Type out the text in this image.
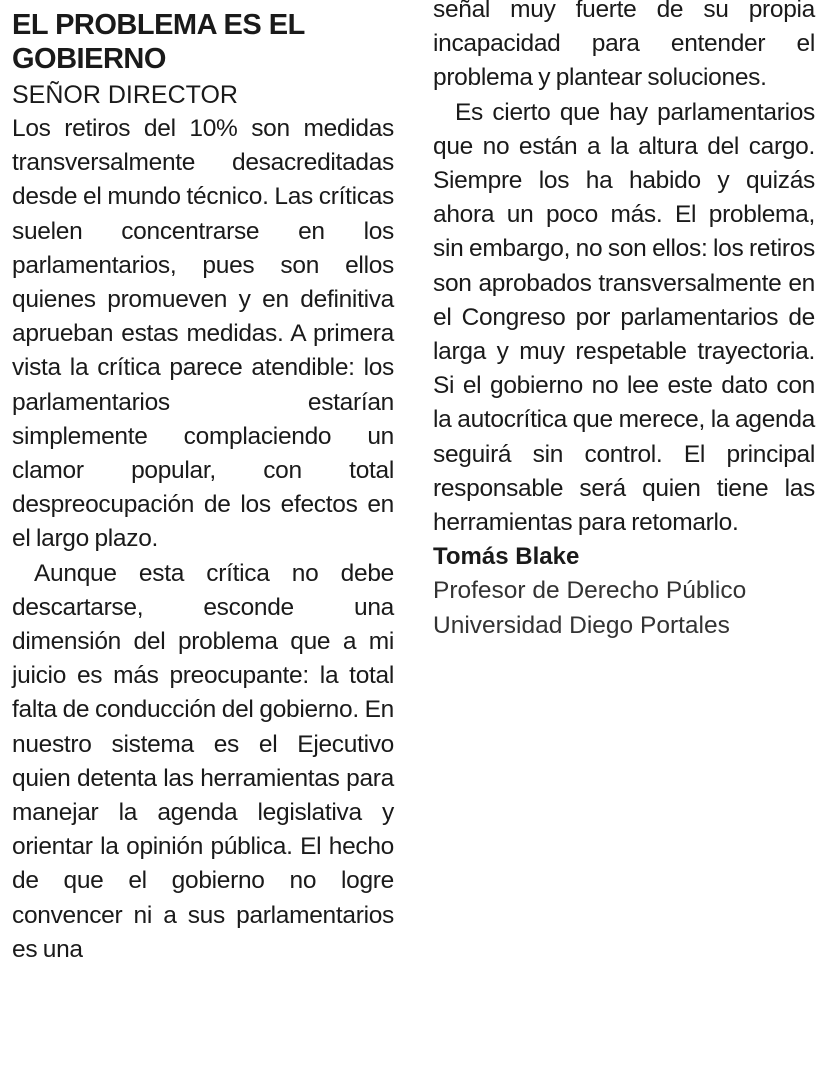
EL PROBLEMA ES EL GOBIERNO

SEÑOR DIRECTOR

Los retiros del 10% son medidas transversalmente desacreditadas desde el mundo técnico. Las críticas suelen concentrarse en los parlamentarios, pues son ellos quienes promueven y en definitiva aprueban estas medidas. A primera vista la crítica parece atendible: los parlamentarios estarían simplemente complaciendo un clamor popular, con total despreocupación de los efectos en el largo plazo.

Aunque esta crítica no debe descartarse, esconde una dimensión del problema que a mi juicio es más preocupante: la total falta de conducción del gobierno. En nuestro sistema es el Ejecutivo quien detenta las herramientas para manejar la agenda legislativa y orientar la opinión pública. El hecho de que el gobierno no logre convencer ni a sus parlamentarios es una

señal muy fuerte de su propia incapacidad para entender el problema y plantear soluciones.

Es cierto que hay parlamentarios que no están a la altura del cargo. Siempre los ha habido y quizás ahora un poco más. El problema, sin embargo, no son ellos: los retiros son aprobados transversalmente en el Congreso por parlamentarios de larga y muy respetable trayectoria. Si el gobierno no lee este dato con la autocrítica que merece, la agenda seguirá sin control. El principal responsable será quien tiene las herramientas para retomarlo.

Tomás Blake

Profesor de Derecho Público

Universidad Diego Portales
